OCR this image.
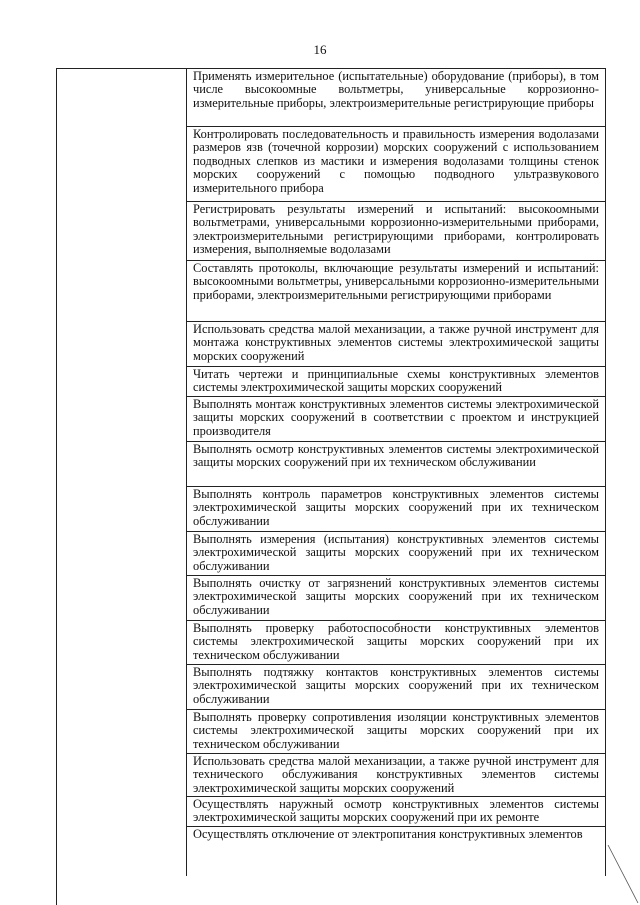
16
Применять измерительное (испытательные) оборудование (приборы), в том числе высокоомные вольтметры, универсальные коррозионно-измерительные приборы, электроизмерительные регистрирующие приборы
Контролировать последовательность и правильность измерения водолазами размеров язв (точечной коррозии) морских сооружений с использованием подводных слепков из мастики и измерения водолазами толщины стенок морских сооружений с помощью подводного ультразвукового измерительного прибора
Регистрировать результаты измерений и испытаний: высокоомными вольтметрами, универсальными коррозионно-измерительными приборами, электроизмерительными регистрирующими приборами, контролировать измерения, выполняемые водолазами
Составлять протоколы, включающие результаты измерений и испытаний: высокоомными вольтметры, универсальными коррозионно-измерительными приборами, электроизмерительными регистрирующими приборами
Использовать средства малой механизации, а также ручной инструмент для монтажа конструктивных элементов системы электрохимической защиты морских сооружений
Читать чертежи и принципиальные схемы конструктивных элементов системы электрохимической защиты морских сооружений
Выполнять монтаж конструктивных элементов системы электрохимической защиты морских сооружений в соответствии с проектом и инструкцией производителя
Выполнять осмотр конструктивных элементов системы электрохимической защиты морских сооружений при их техническом обслуживании
Выполнять контроль параметров конструктивных элементов системы электрохимической защиты морских сооружений при их техническом обслуживании
Выполнять измерения (испытания) конструктивных элементов системы электрохимической защиты морских сооружений при их техническом обслуживании
Выполнять очистку от загрязнений конструктивных элементов системы электрохимической защиты морских сооружений при их техническом обслуживании
Выполнять проверку работоспособности конструктивных элементов системы электрохимической защиты морских сооружений при их техническом обслуживании
Выполнять подтяжку контактов конструктивных элементов системы электрохимической защиты морских сооружений при их техническом обслуживании
Выполнять проверку сопротивления изоляции конструктивных элементов системы электрохимической защиты морских сооружений при их техническом обслуживании
Использовать средства малой механизации, а также ручной инструмент для технического обслуживания конструктивных элементов системы электрохимической защиты морских сооружений
Осуществлять наружный осмотр конструктивных элементов системы электрохимической защиты морских сооружений при их ремонте
Осуществлять отключение от электропитания конструктивных элементов
